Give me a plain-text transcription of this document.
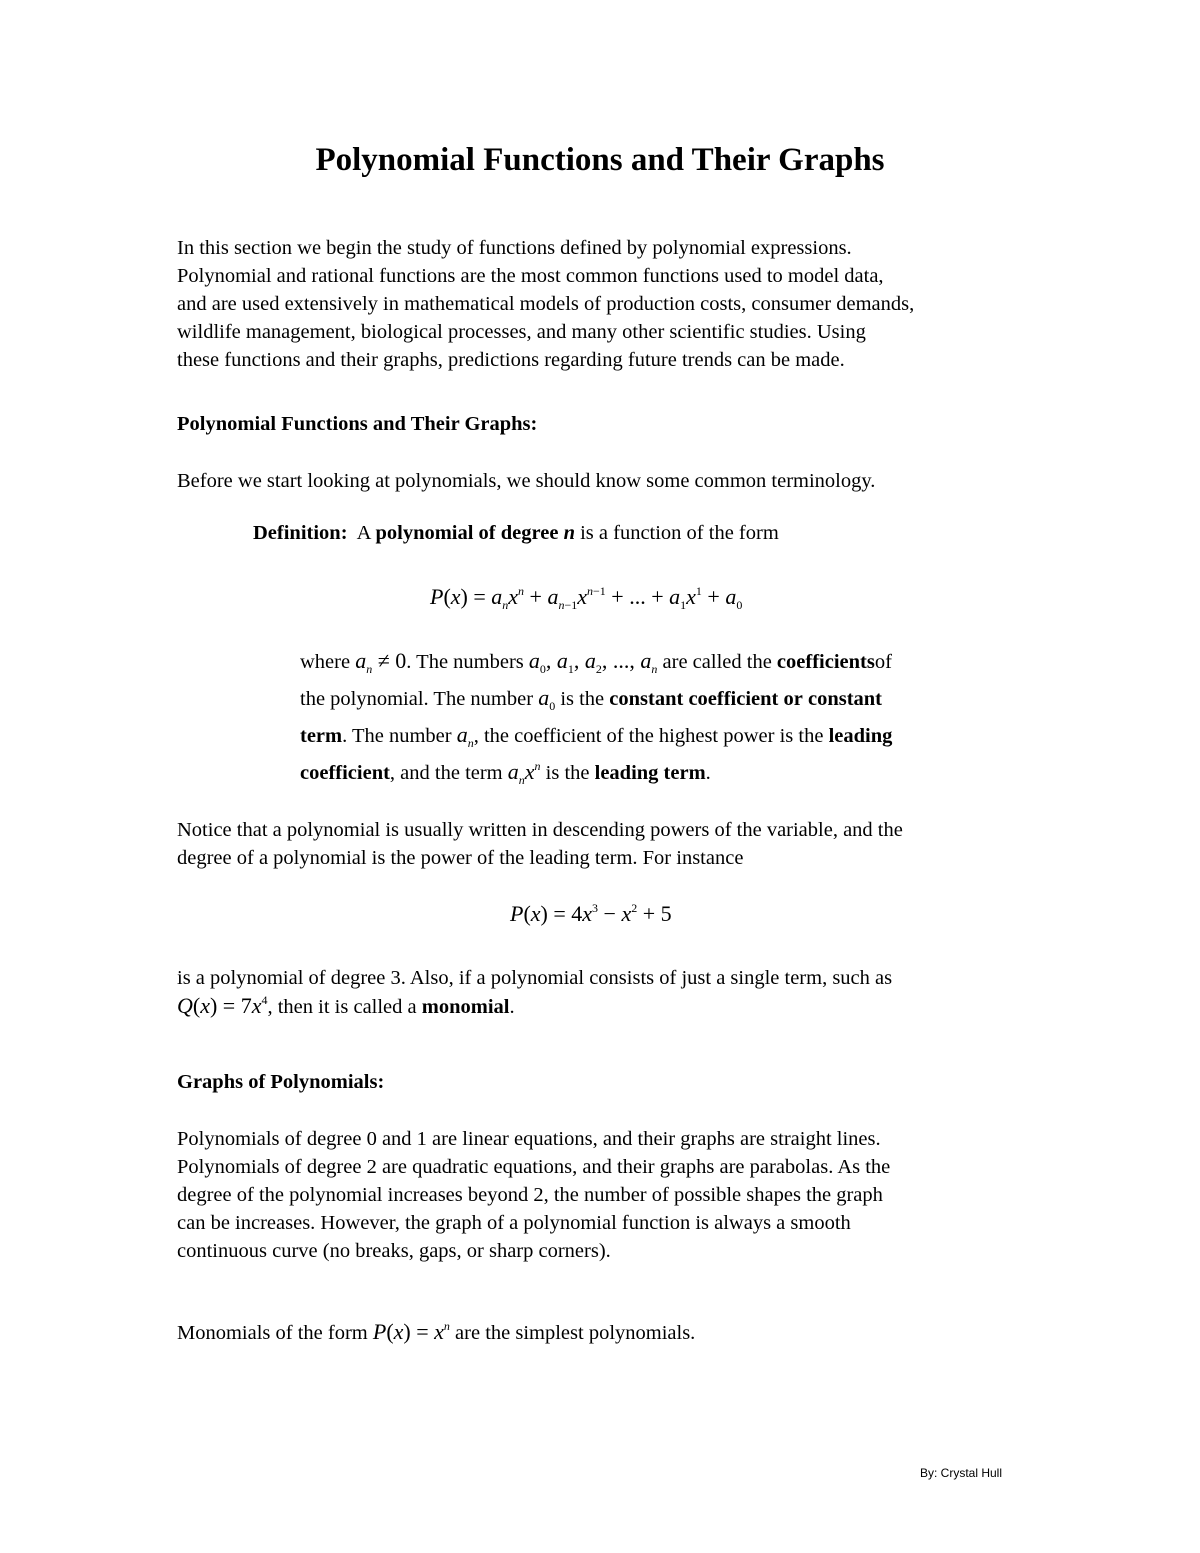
Polynomial Functions and Their Graphs
In this section we begin the study of functions defined by polynomial expressions.
Polynomial and rational functions are the most common functions used to model data,
and are used extensively in mathematical models of production costs, consumer demands,
wildlife management, biological processes, and many other scientific studies. Using
these functions and their graphs, predictions regarding future trends can be made.
Polynomial Functions and Their Graphs:
Before we start looking at polynomials, we should know some common terminology.
Definition: A polynomial of degree n is a function of the form
$P(x) = a_nx^n + a_{n-1}x^{n-1}$ + ... + $a_1x^1 + a_0$
where $a_n \ne 0$. The numbers $a_0$, $a_1$, $a_2$, ..., $a_n$ are called the coefficientsof
the polynomial. The number $a_0$ is the constant coefficient or constant
term. The number $a_n$, the coefficient of the highest power is the leading
coefficient, and the term $a_nx^n$ is the leading term.
Notice that a polynomial is usually written in descending powers of the variable, and the
degree of a polynomial is the power of the leading term. For instance
$P(x) = 4x^3 - x^2 + 5$
is a polynomial of degree 3. Also, if a polynomial consists of just a single term, such as
$Q(x) = 7x^4$, then it is called a monomial.
Graphs of Polynomials:
Polynomials of degree 0 and 1 are linear equations, and their graphs are straight lines.
Polynomials of degree 2 are quadratic equations, and their graphs are parabolas. As the
degree of the polynomial increases beyond 2, the number of possible shapes the graph
can be increases. However, the graph of a polynomial function is always a smooth
continuous curve (no breaks, gaps, or sharp corners).
Monomials of the form $P(x) = x^n$ are the simplest polynomials.
By: Crystal Hull
